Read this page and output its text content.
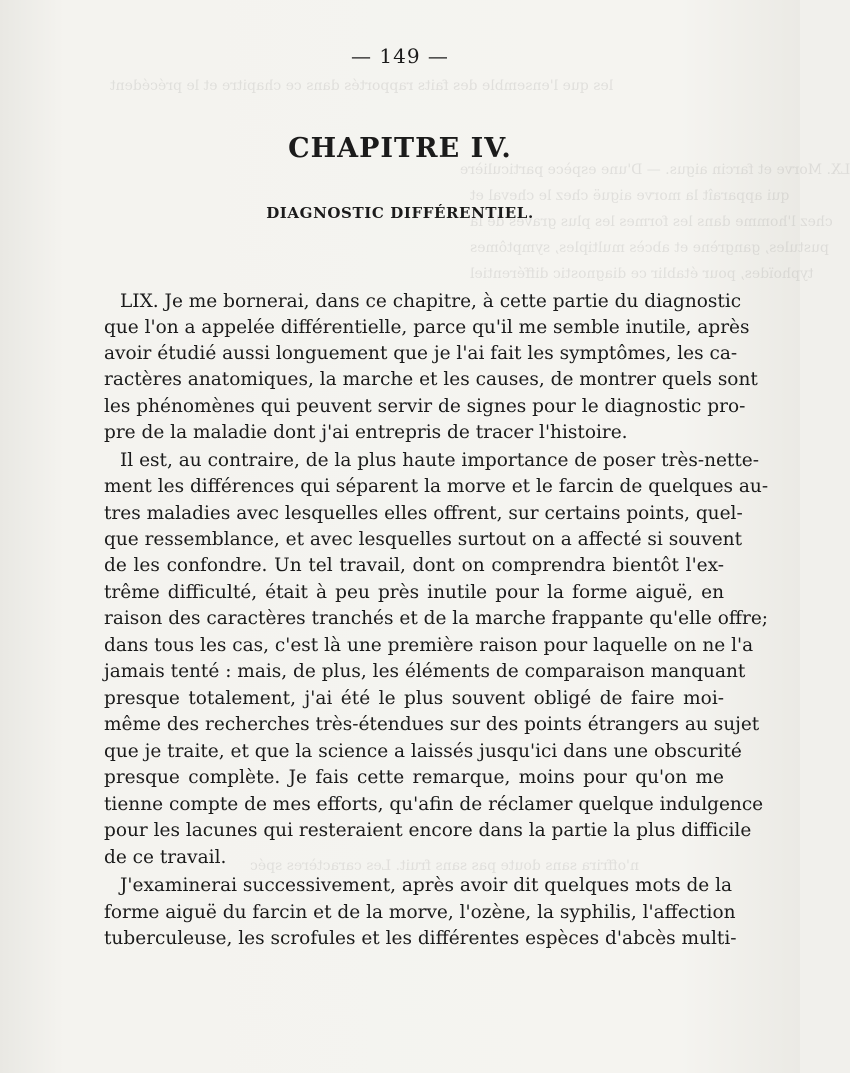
les que l'ensemble des faits rapportés dans ce chapitre et le précédent
LX. Morve et farcin aigus. — D'une espèce particulière
qui apparaît la morve aiguë chez le cheval et
chez l'homme dans les formes les plus graves de la
pustules, gangrène et abcès multiples, symptômes
typhoïdes, pour établir ce diagnostic différentiel
n'offrira sans doute pas sans fruit. Les caractères spéc
— 149 —
CHAPITRE IV.
DIAGNOSTIC DIFFÉRENTIEL.
LIX. Je me bornerai, dans ce chapitre, à cette partie du diagnostic
que l'on a appelée différentielle, parce qu'il me semble inutile, après
avoir étudié aussi longuement que je l'ai fait les symptômes, les ca-
ractères anatomiques, la marche et les causes, de montrer quels sont
les phénomènes qui peuvent servir de signes pour le diagnostic pro-
pre de la maladie dont j'ai entrepris de tracer l'histoire.
Il est, au contraire, de la plus haute importance de poser très-nette-
ment les différences qui séparent la morve et le farcin de quelques au-
tres maladies avec lesquelles elles offrent, sur certains points, quel-
que ressemblance, et avec lesquelles surtout on a affecté si souvent
de les confondre. Un tel travail, dont on comprendra bientôt l'ex-
trême difficulté, était à peu près inutile pour la forme aiguë, en
raison des caractères tranchés et de la marche frappante qu'elle offre;
dans tous les cas, c'est là une première raison pour laquelle on ne l'a
jamais tenté : mais, de plus, les éléments de comparaison manquant
presque totalement, j'ai été le plus souvent obligé de faire moi-
même des recherches très-étendues sur des points étrangers au sujet
que je traite, et que la science a laissés jusqu'ici dans une obscurité
presque complète. Je fais cette remarque, moins pour qu'on me
tienne compte de mes efforts, qu'afin de réclamer quelque indulgence
pour les lacunes qui resteraient encore dans la partie la plus difficile
de ce travail.
J'examinerai successivement, après avoir dit quelques mots de la
forme aiguë du farcin et de la morve, l'ozène, la syphilis, l'affection
tuberculeuse, les scrofules et les différentes espèces d'abcès multi-
